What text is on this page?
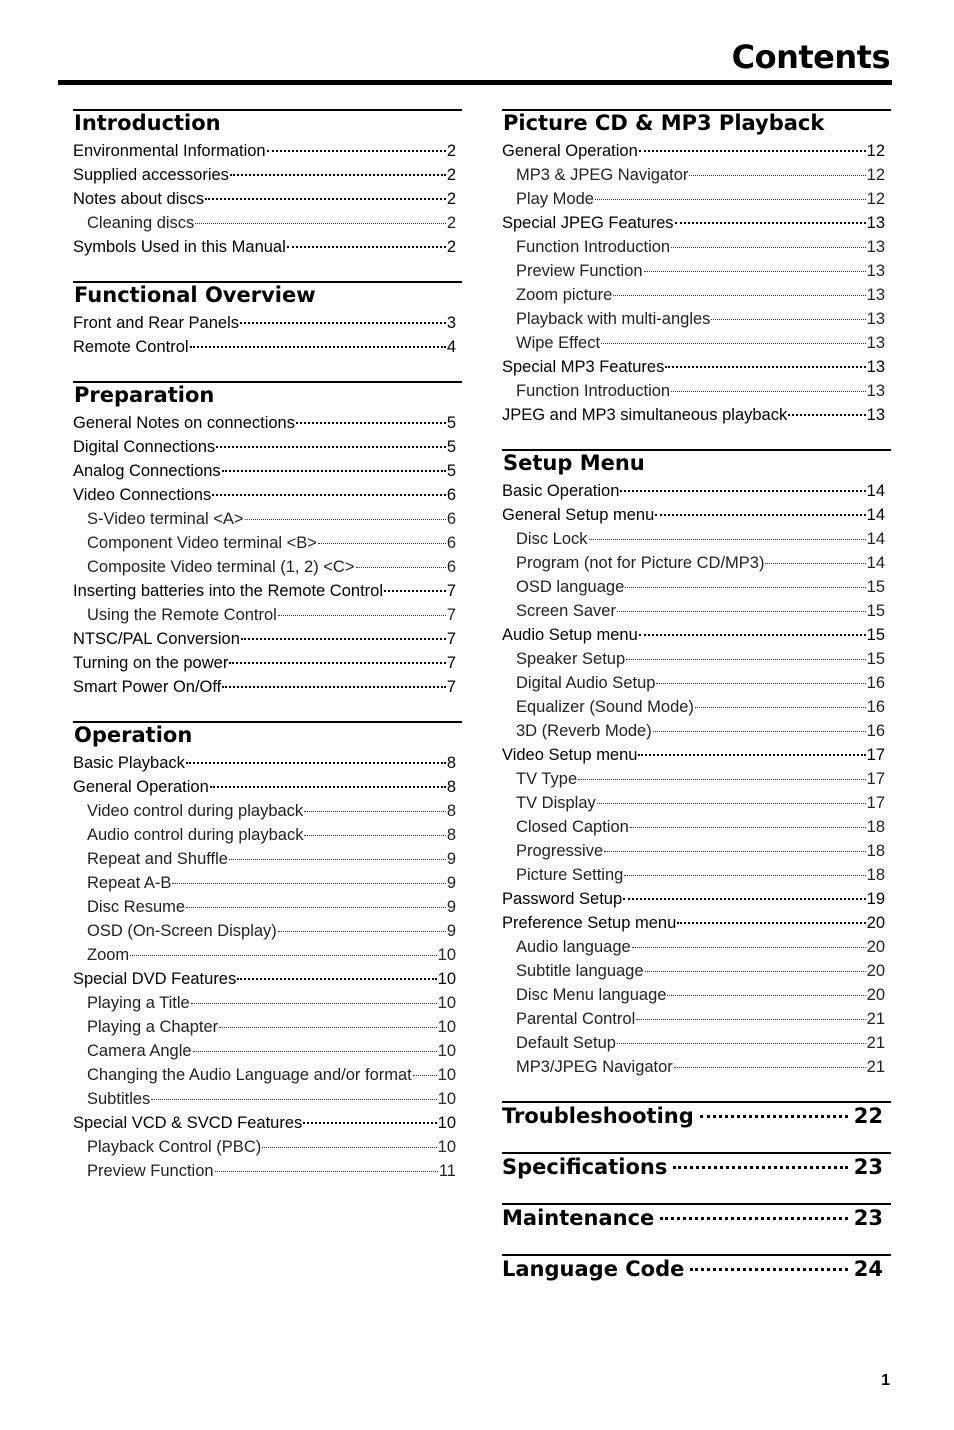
Contents
Introduction
Environmental Information	2
Supplied accessories	2
Notes about discs	2
Cleaning discs	2
Symbols Used in this Manual	2
Functional Overview
Front and Rear Panels	3
Remote Control	4
Preparation
General Notes on connections	5
Digital Connections	5
Analog Connections	5
Video Connections	6
S-Video terminal <A>	6
Component Video terminal <B>	6
Composite Video terminal (1, 2) <C>	6
Inserting batteries into the Remote Control	7
Using the Remote Control	7
NTSC/PAL Conversion	7
Turning on the power	7
Smart Power On/Off	7
Operation
Basic Playback	8
General Operation	8
Video control during playback	8
Audio control during playback	8
Repeat and Shuffle	9
Repeat A-B	9
Disc Resume	9
OSD (On-Screen Display)	9
Zoom	10
Special DVD Features	10
Playing a Title	10
Playing a Chapter	10
Camera Angle	10
Changing the Audio Language and/or format 10
Subtitles	10
Special VCD & SVCD Features	10
Playback Control (PBC)	10
Preview Function	11
Picture CD & MP3 Playback
General Operation	12
MP3 & JPEG Navigator	12
Play Mode	12
Special JPEG Features	13
Function Introduction	13
Preview Function	13
Zoom picture	13
Playback with multi-angles	13
Wipe Effect	13
Special MP3 Features	13
Function Introduction	13
JPEG and MP3 simultaneous playback	13
Setup Menu
Basic Operation	14
General Setup menu	14
Disc Lock	14
Program (not for Picture CD/MP3)	14
OSD language	15
Screen Saver	15
Audio Setup menu	15
Speaker Setup	15
Digital Audio Setup	16
Equalizer (Sound Mode)	16
3D (Reverb Mode)	16
Video Setup menu	17
TV Type	17
TV Display	17
Closed Caption	18
Progressive	18
Picture Setting	18
Password Setup	19
Preference Setup menu	20
Audio language	20
Subtitle language	20
Disc Menu language	20
Parental Control	21
Default Setup	21
MP3/JPEG Navigator	21
Troubleshooting	22
Specifications	23
Maintenance	23
Language Code	24
1
